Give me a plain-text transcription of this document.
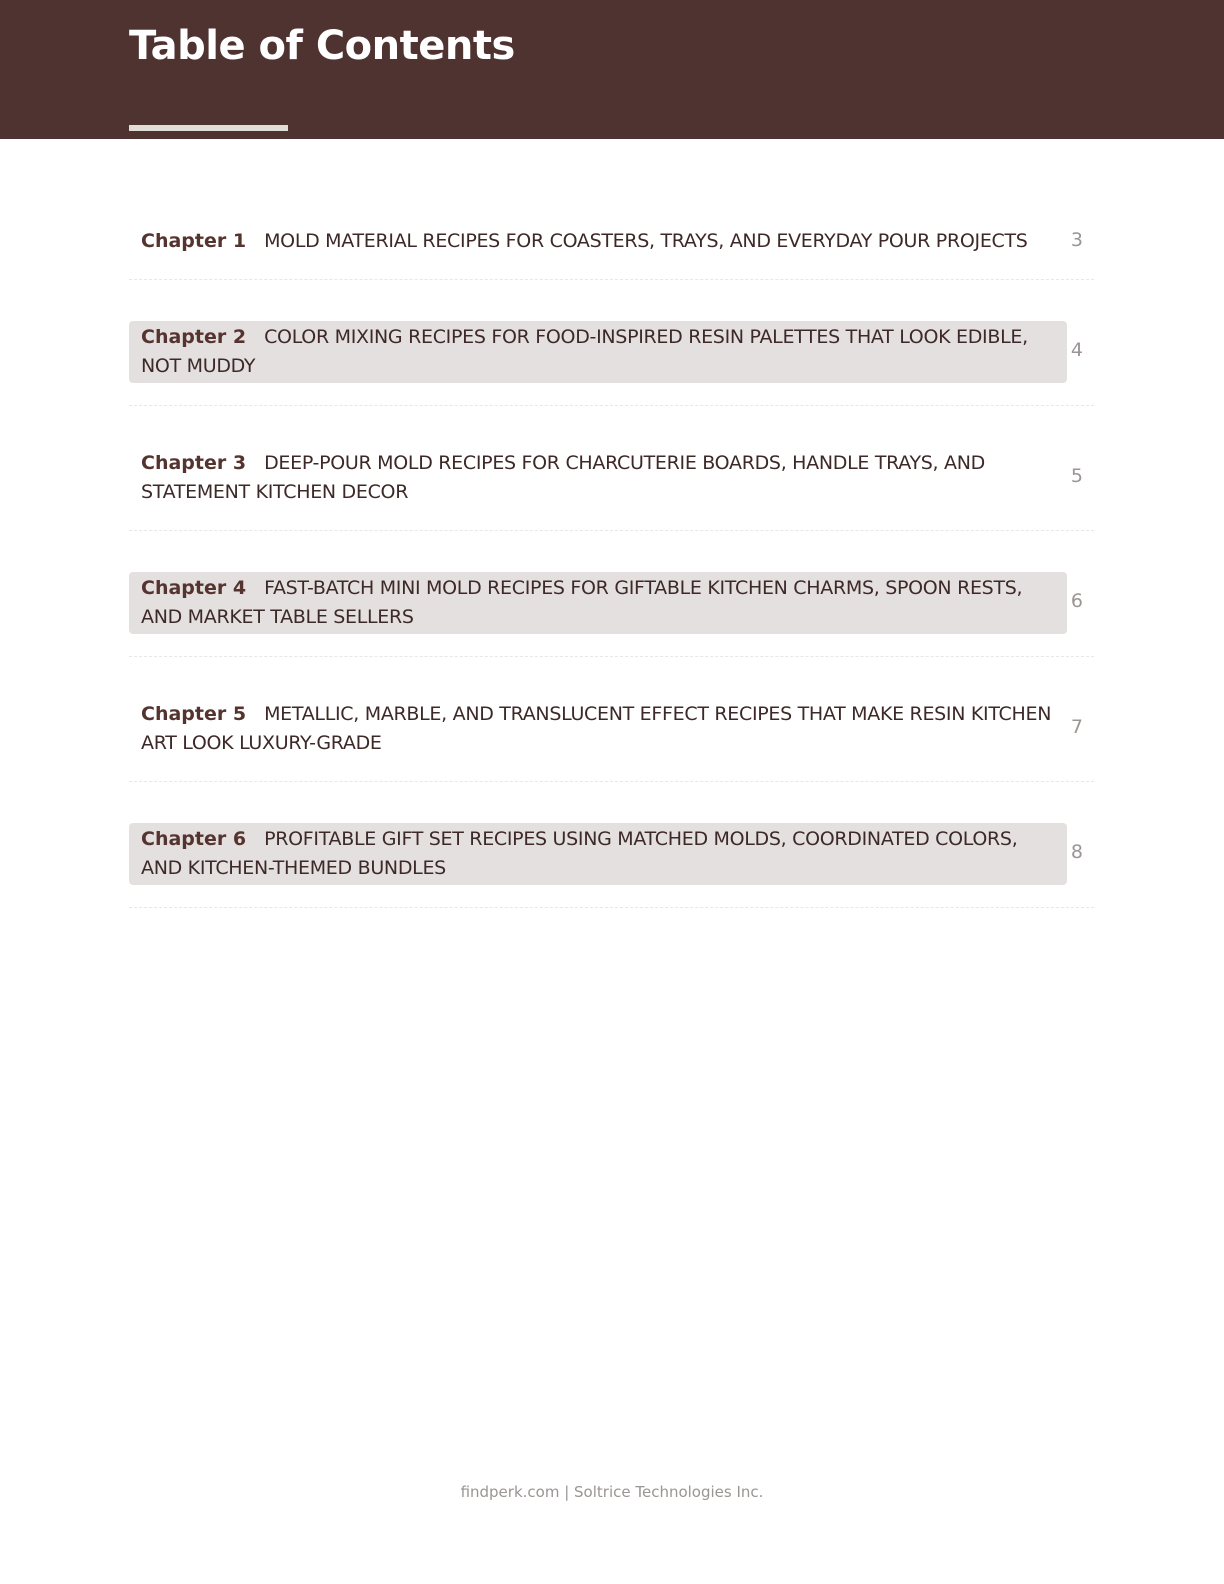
Table of Contents
Chapter 1 MOLD MATERIAL RECIPES FOR COASTERS, TRAYS, AND EVERYDAY POUR PROJECTS	3
Chapter 2 COLOR MIXING RECIPES FOR FOOD-INSPIRED RESIN PALETTES THAT LOOK EDIBLE, NOT MUDDY
4
Chapter 3 DEEP-POUR MOLD RECIPES FOR CHARCUTERIE BOARDS, HANDLE TRAYS, AND STATEMENT KITCHEN DECOR
5
Chapter 4 FAST-BATCH MINI MOLD RECIPES FOR GIFTABLE KITCHEN CHARMS, SPOON RESTS, AND MARKET TABLE SELLERS
6
Chapter 5 METALLIC, MARBLE, AND TRANSLUCENT EFFECT RECIPES THAT MAKE RESIN KITCHEN ART LOOK LUXURY-GRADE
7
Chapter 6 PROFITABLE GIFT SET RECIPES USING MATCHED MOLDS, COORDINATED COLORS, AND KITCHEN-THEMED BUNDLES
8
findperk.com | Soltrice Technologies Inc.
